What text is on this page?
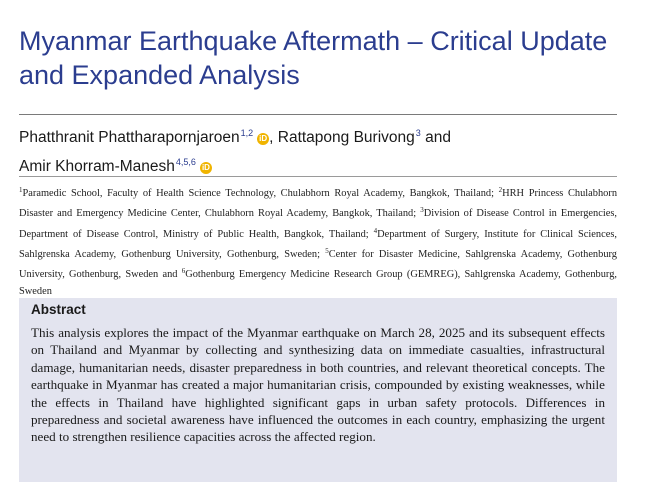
Myanmar Earthquake Aftermath – Critical Update and Expanded Analysis
Phatthranit Phattharapornjaroen$^{1,2}$iD , Rattapong Burivong$^3$ and
Amir Khorram-Manesh$^{4,5,6}$iD

$^1$Paramedic School, Faculty of Health Science Technology, Chulabhorn Royal Academy, Bangkok, Thailand; $^2$HRH Princess Chulabhorn Disaster and Emergency Medicine Center, Chulabhorn Royal Academy, Bangkok, Thailand; $^3$Division of Disease Control in Emergencies, Department of Disease Control, Ministry of Public Health, Bangkok, Thailand; $^4$Department of Surgery, Institute for Clinical Sciences, Sahlgrenska Academy, Gothenburg University, Gothenburg, Sweden; $^5$Center for Disaster Medicine, Sahlgrenska Academy, Gothenburg University, Gothenburg, Sweden and $^6$Gothenburg Emergency Medicine Research Group (GEMREG), Sahlgrenska Academy, Gothenburg, Sweden

Abstract

This analysis explores the impact of the Myanmar earthquake on March 28, 2025 and its subsequent effects on Thailand and Myanmar by collecting and synthesizing data on immediate casualties, infrastructural damage, humanitarian needs, disaster preparedness in both countries, and relevant theoretical concepts. The earthquake in Myanmar has created a major humanitarian crisis, compounded by existing weaknesses, while the effects in Thailand have highlighted significant gaps in urban safety protocols. Differences in preparedness and societal awareness have influenced the outcomes in each country, emphasizing the urgent need to strengthen resilience capacities across the affected region.
